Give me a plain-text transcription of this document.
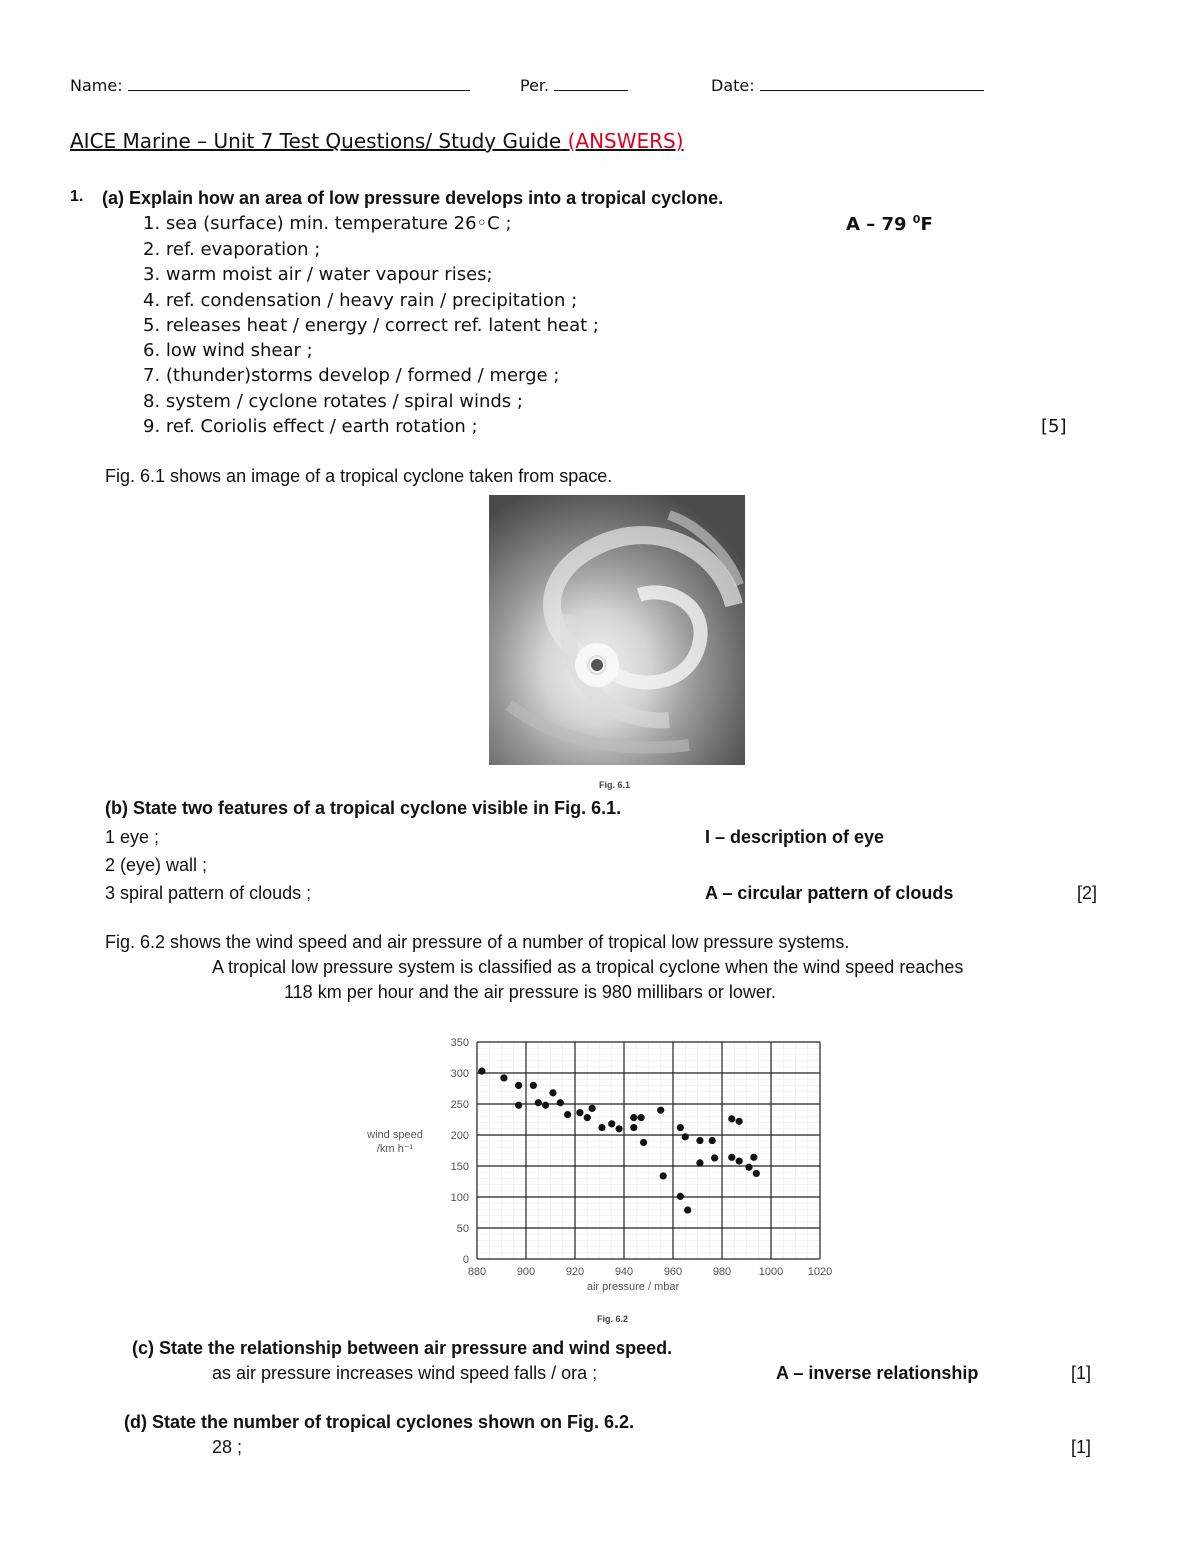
Name:	Per.	Date:
AICE Marine – Unit 7 Test Questions/ Study Guide (ANSWERS)
1. (a) Explain how an area of low pressure develops into a tropical cyclone.
1. sea (surface) min. temperature 26◦C ;
2. ref. evaporation ;
3. warm moist air / water vapour rises;
4. ref. condensation / heavy rain / precipitation ;
5. releases heat / energy / correct ref. latent heat ;
6. low wind shear ;
7. (thunder)storms develop / formed / merge ;
8. system / cyclone rotates / spiral winds ;
9. ref. Coriolis effect / earth rotation ;
A – 79 $^0$F
[5]
Fig. 6.1 shows an image of a tropical cyclone taken from space.
Fig. 6.1
(b) State two features of a tropical cyclone visible in Fig. 6.1.
1 eye ;
2 (eye) wall ;
3 spiral pattern of clouds ;
I – description of eye
A – circular pattern of clouds	[2]
Fig. 6.2 shows the wind speed and air pressure of a number of tropical low pressure systems.
A tropical low pressure system is classified as a tropical cyclone when the wind speed reaches
118 km per hour and the air pressure is 980 millibars or lower.
0
50
100
150
200
250
300
350
880	900	920	940	960	980	1000 1020
air pressure / mbar
wind speed /km h⁻¹
Fig. 6.2
(c) State the relationship between air pressure and wind speed.
as air pressure increases wind speed falls / ora ;	A – inverse relationship	[1]
(d) State the number of tropical cyclones shown on Fig. 6.2.
28 ;	[1]
